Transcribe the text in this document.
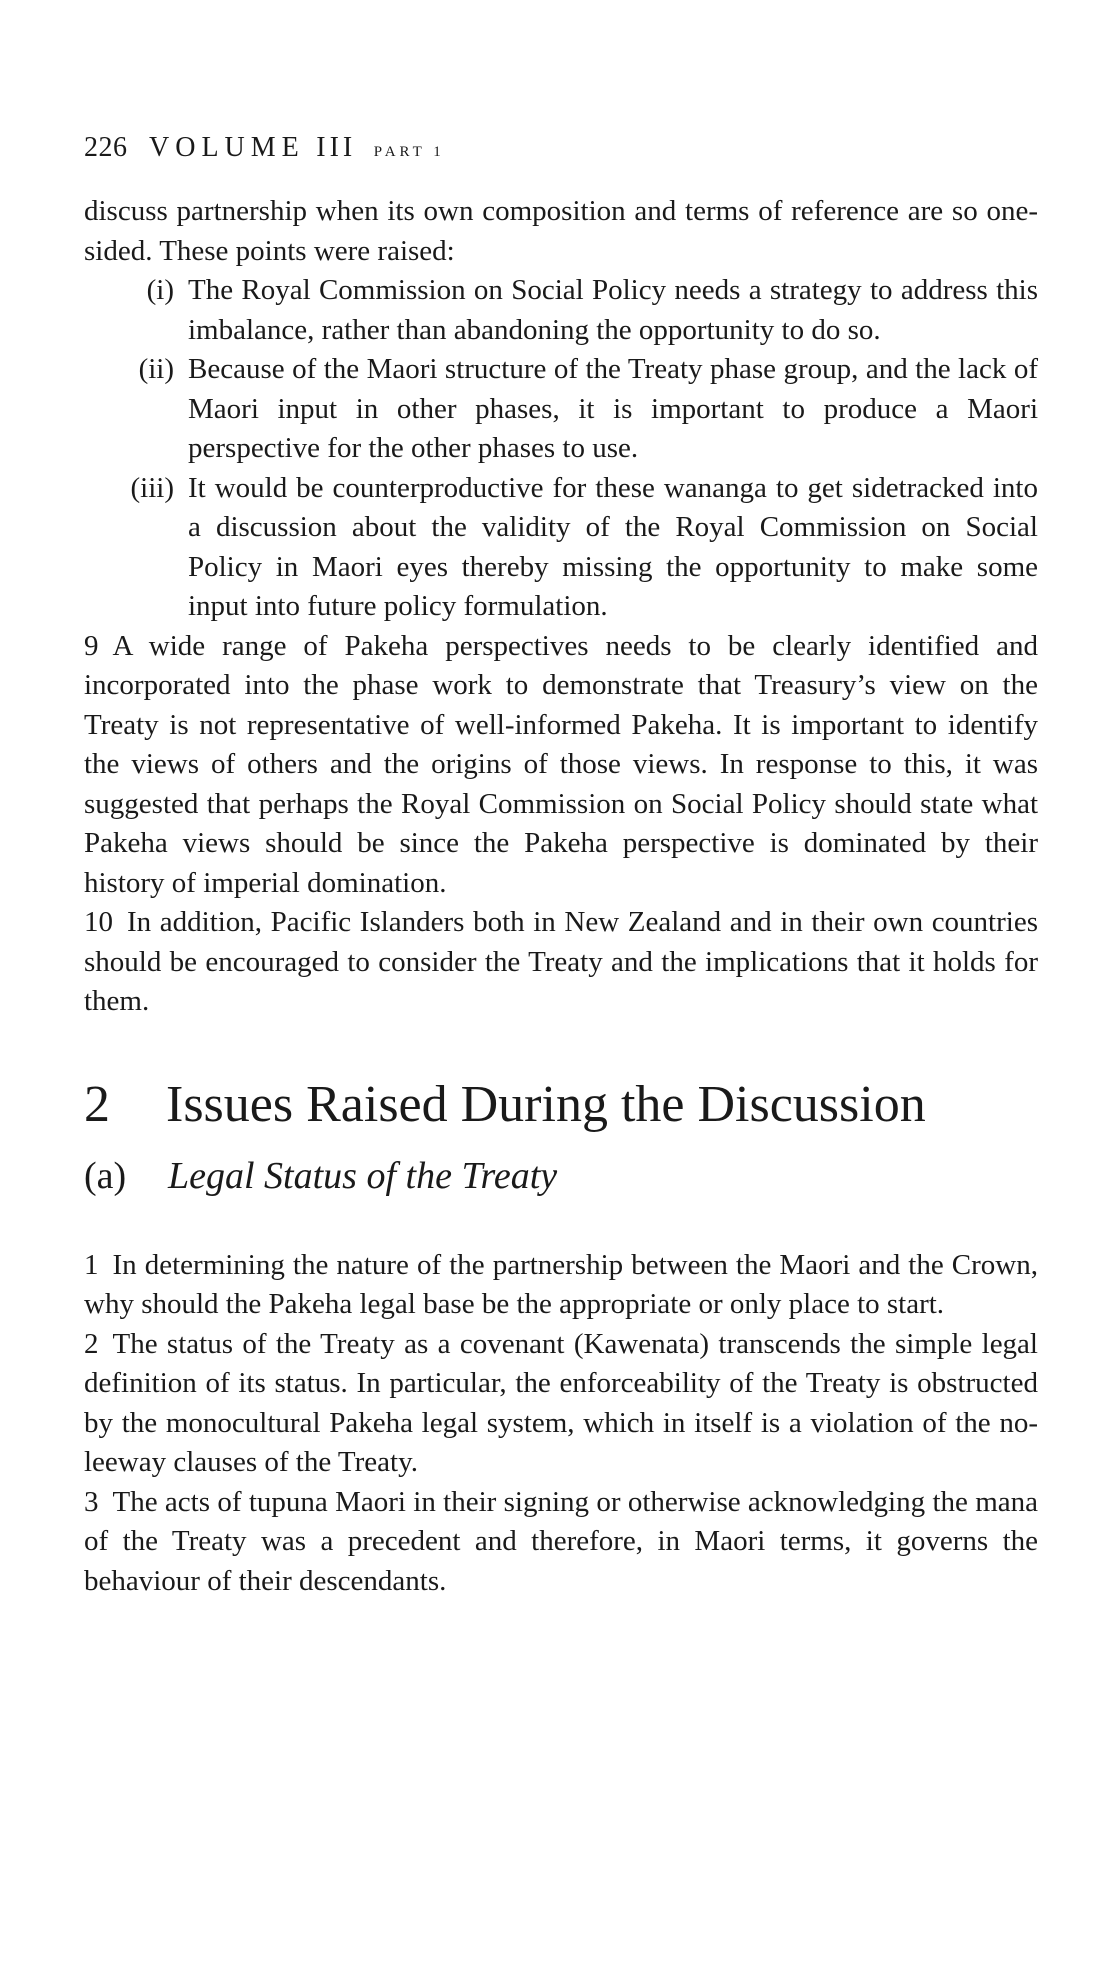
226 VOLUME III PART 1

discuss partnership when its own composition and terms of reference are so one-sided. These points were raised:

(i) The Royal Commission on Social Policy needs a strategy to address this imbalance, rather than abandoning the opportunity to do so.
(ii) Because of the Maori structure of the Treaty phase group, and the lack of Maori input in other phases, it is important to produce a Maori perspective for the other phases to use.
(iii) It would be counterproductive for these wananga to get sidetracked into a discussion about the validity of the Royal Commission on Social Policy in Maori eyes thereby missing the opportunity to make some input into future policy formulation.

9 A wide range of Pakeha perspectives needs to be clearly identified and incorporated into the phase work to demonstrate that Treasury’s view on the Treaty is not representative of well-informed Pakeha. It is important to identify the views of others and the origins of those views. In response to this, it was suggested that perhaps the Royal Commission on Social Policy should state what Pakeha views should be since the Pakeha perspective is dominated by their history of imperial domination.

10 In addition, Pacific Islanders both in New Zealand and in their own countries should be encouraged to consider the Treaty and the implications that it holds for them.

2 Issues Raised During the Discussion
(a) Legal Status of the Treaty

1 In determining the nature of the partnership between the Maori and the Crown, why should the Pakeha legal base be the appropriate or only place to start.

2 The status of the Treaty as a covenant (Kawenata) transcends the simple legal definition of its status. In particular, the enforceability of the Treaty is obstructed by the monocultural Pakeha legal system, which in itself is a violation of the no-leeway clauses of the Treaty.

3 The acts of tupuna Maori in their signing or otherwise acknowledging the mana of the Treaty was a precedent and therefore, in Maori terms, it governs the behaviour of their descendants.
